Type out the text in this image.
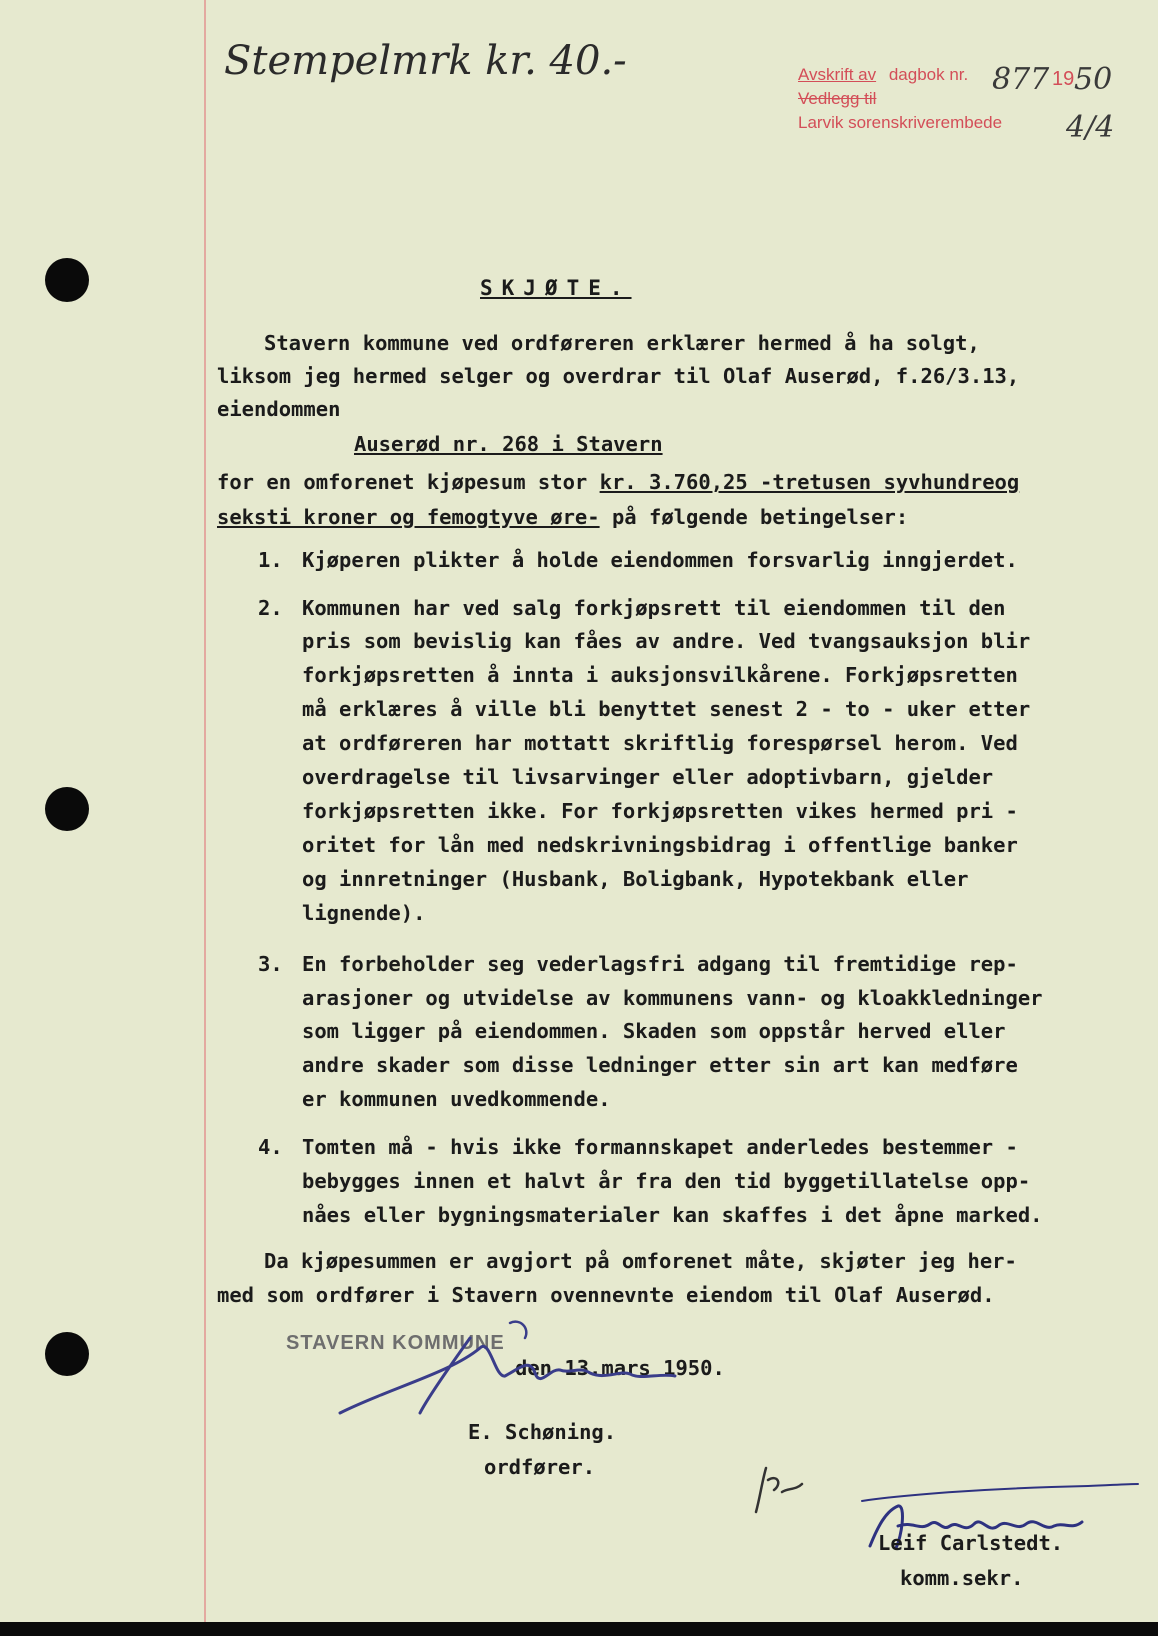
Stempelmrk kr. 40.-	Avskrift av dagbok nr.
Vedlegg til
Larvik sorenskriverembede
877 19 50
4/4
SKJØTE.
Stavern kommune ved ordføreren erklærer hermed å ha solgt,
liksom jeg hermed selger og overdrar til Olaf Auserød, f.26/3.13,
eiendommen
Auserød nr. 268 i Stavern
for en omforenet kjøpesum stor kr. 3.760,25 -tretusen syvhundreog
seksti kroner og femogtyve øre- på følgende betingelser:
1. Kjøperen plikter å holde eiendommen forsvarlig inngjerdet.
2. Kommunen har ved salg forkjøpsrett til eiendommen til den
pris som bevislig kan fåes av andre. Ved tvangsauksjon blir
forkjøpsretten å innta i auksjonsvilkårene. Forkjøpsretten
må erklæres å ville bli benyttet senest 2 - to - uker etter
at ordføreren har mottatt skriftlig forespørsel herom. Ved
overdragelse til livsarvinger eller adoptivbarn, gjelder
forkjøpsretten ikke. For forkjøpsretten vikes hermed pri -
oritet for lån med nedskrivningsbidrag i offentlige banker
og innretninger (Husbank, Boligbank, Hypotekbank eller
lignende).
3. En forbeholder seg vederlagsfri adgang til fremtidige rep-
arasjoner og utvidelse av kommunens vann- og kloakkledninger
som ligger på eiendommen. Skaden som oppstår herved eller
andre skader som disse ledninger etter sin art kan medføre
er kommunen uvedkommende.
4. Tomten må - hvis ikke formannskapet anderledes bestemmer -
bebygges innen et halvt år fra den tid byggetillatelse opp-
nåes eller bygningsmaterialer kan skaffes i det åpne marked.
Da kjøpesummen er avgjort på omforenet måte, skjøter jeg her-
med som ordfører i Stavern ovennevnte eiendom til Olaf Auserød.
STAVERN KOMMUNE
den 13.mars 1950.
E. Schøning.
ordfører.
Leif Carlstedt.
komm.sekr.
